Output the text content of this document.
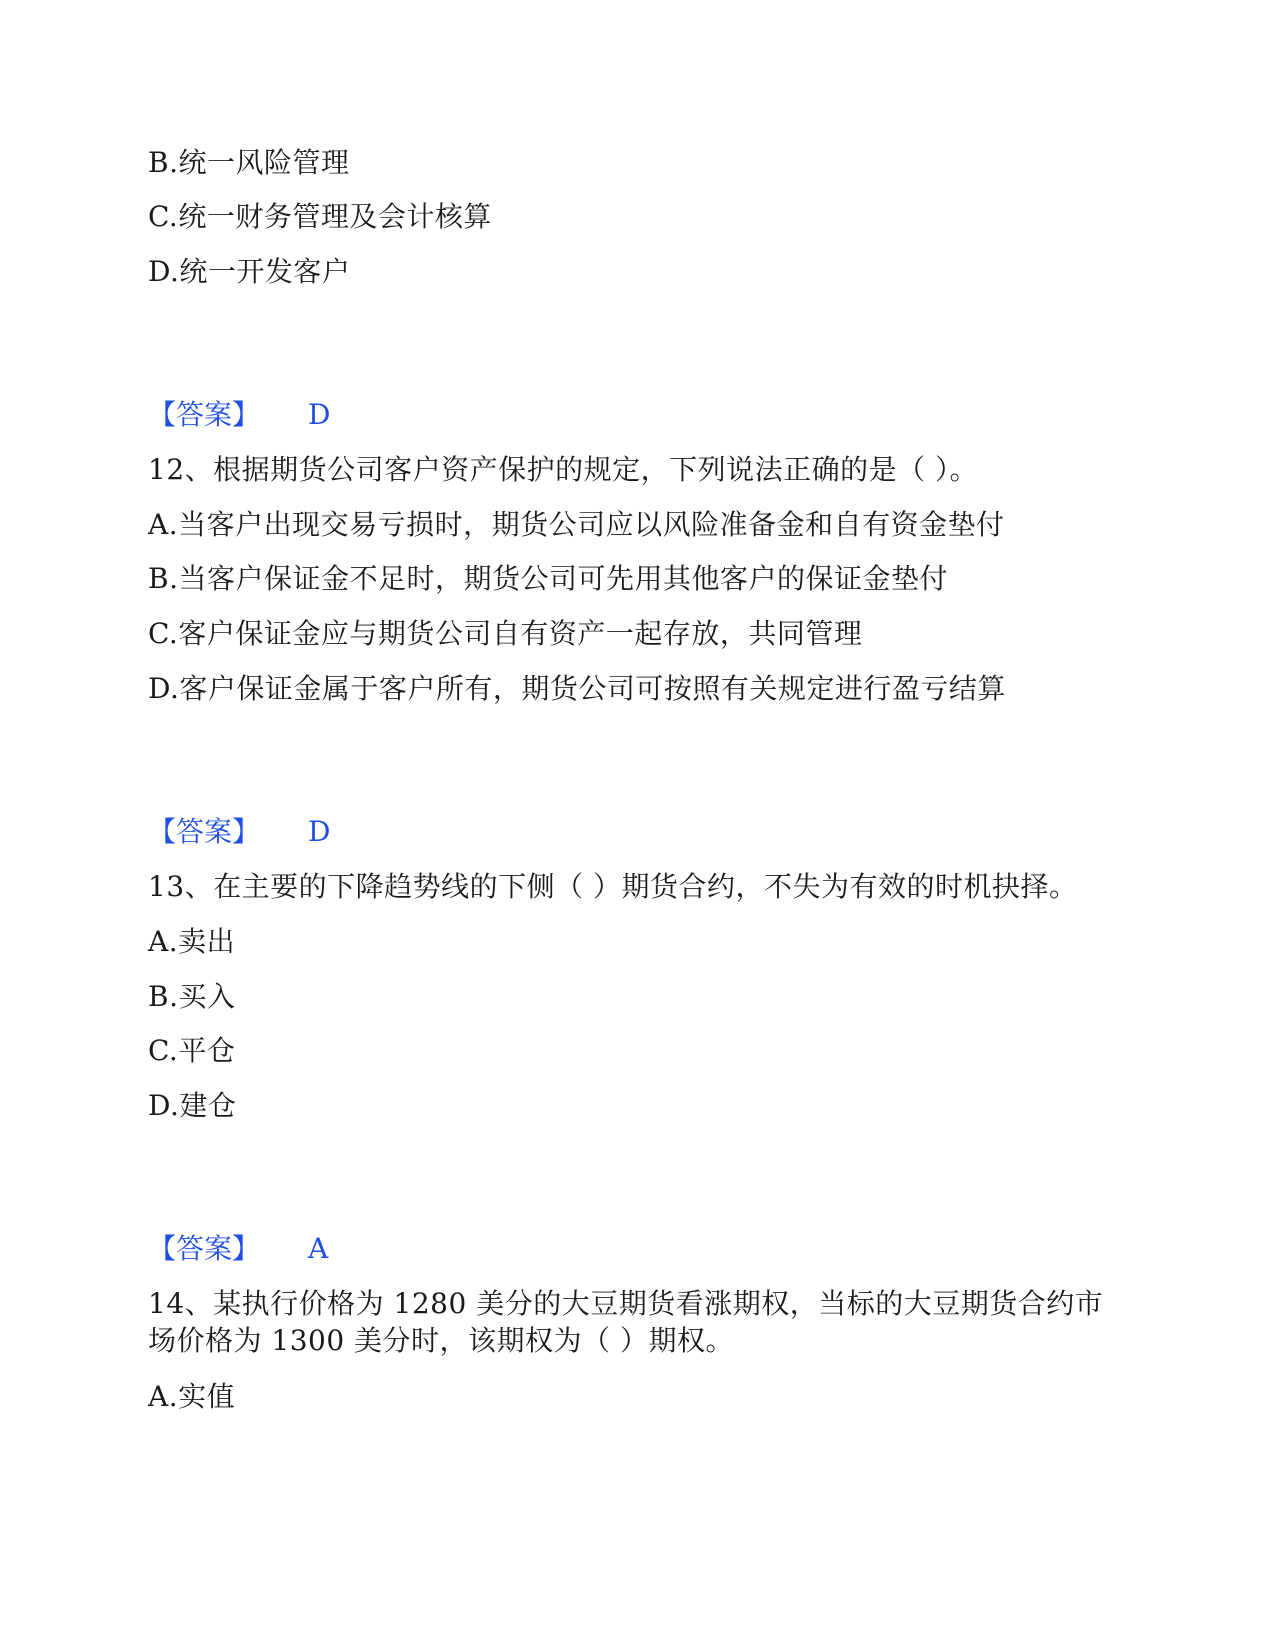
B.统一风险管理
C.统一财务管理及会计核算
D.统一开发客户
【答案】 D
12、根据期货公司客户资产保护的规定，下列说法正确的是（ ）。
A.当客户出现交易亏损时，期货公司应以风险准备金和自有资金垫付
B.当客户保证金不足时，期货公司可先用其他客户的保证金垫付
C.客户保证金应与期货公司自有资产一起存放，共同管理
D.客户保证金属于客户所有，期货公司可按照有关规定进行盈亏结算
【答案】 D
13、在主要的下降趋势线的下侧（ ）期货合约，不失为有效的时机抉择。
A.卖出
B.买入
C.平仓
D.建仓
【答案】 A
14、某执行价格为 1280 美分的大豆期货看涨期权，当标的大豆期货合约市
场价格为 1300 美分时，该期权为（ ）期权。
A.实值
